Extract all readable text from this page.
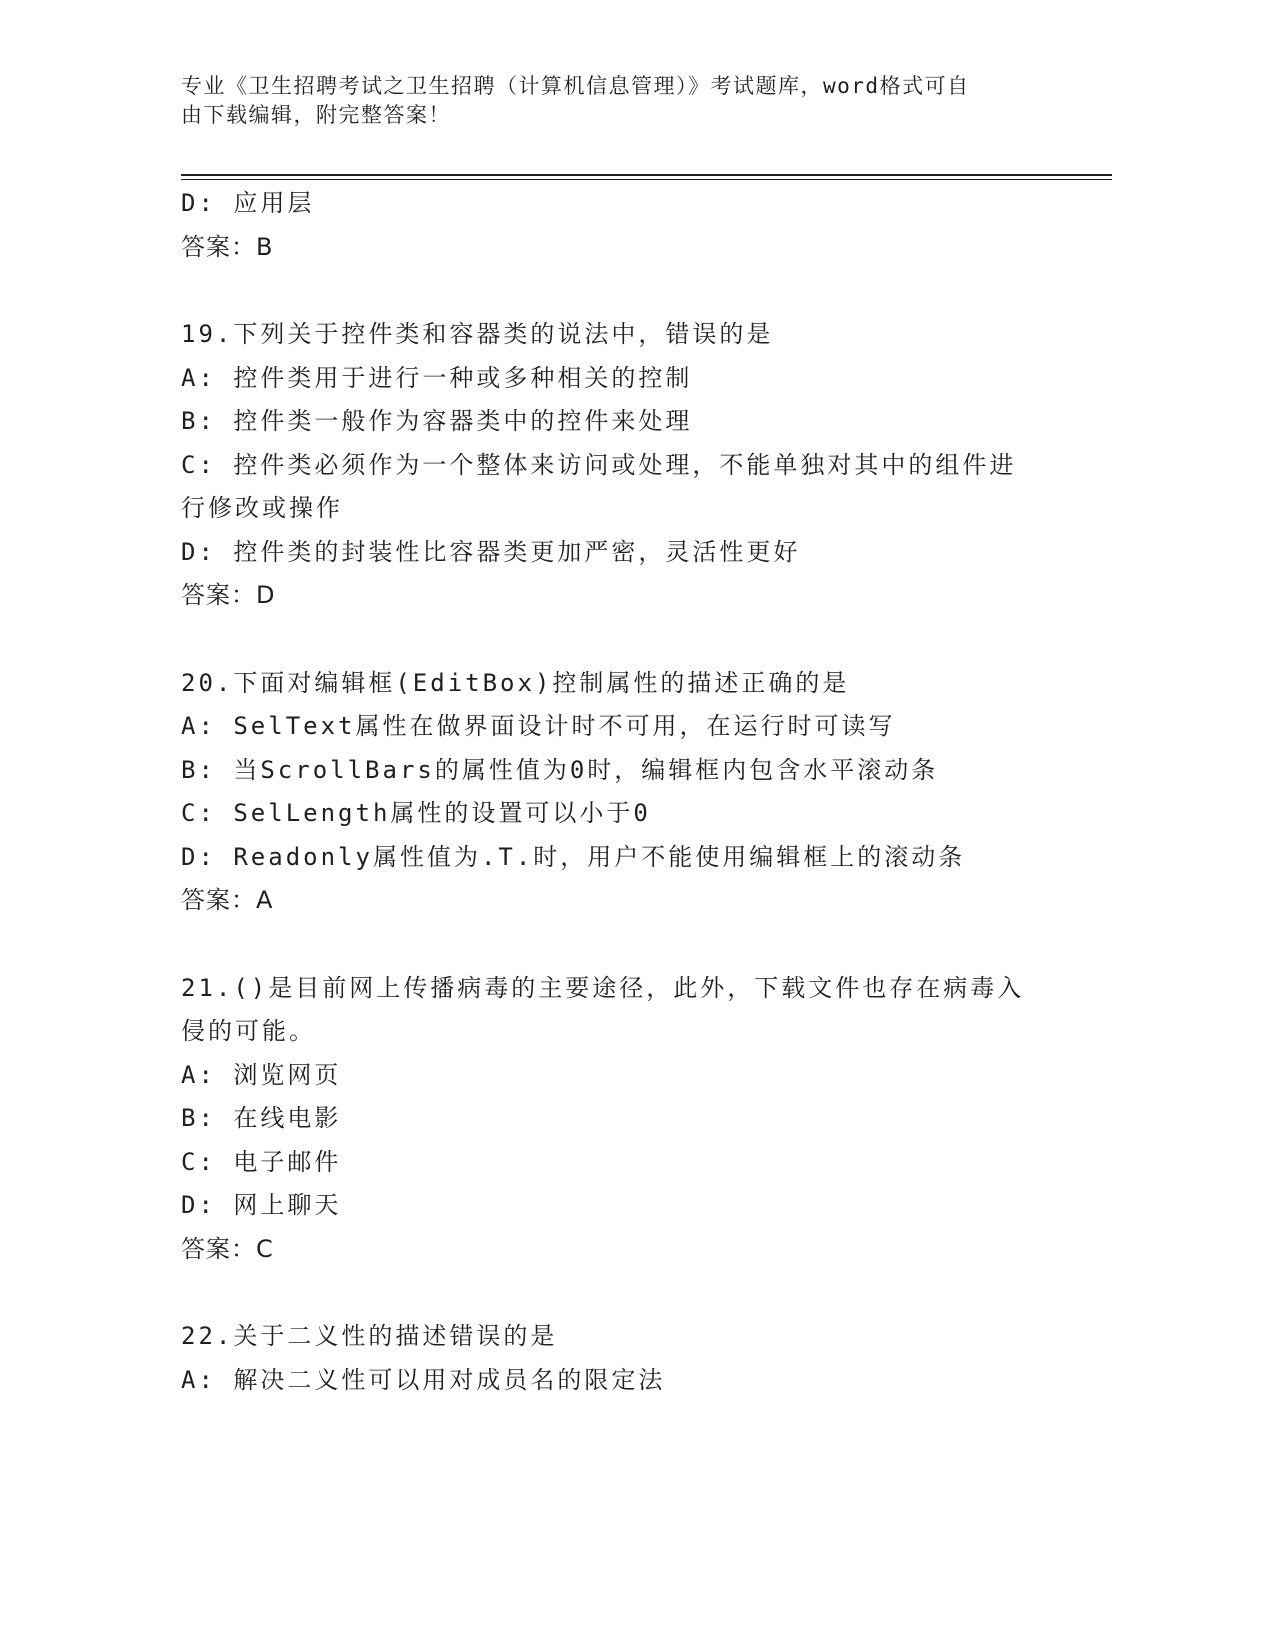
专业《卫生招聘考试之卫生招聘（计算机信息管理）》考试题库，word格式可自
由下载编辑，附完整答案！
D: 应用层
答案：B
19.下列关于控件类和容器类的说法中，错误的是
A: 控件类用于进行一种或多种相关的控制
B: 控件类一般作为容器类中的控件来处理
C: 控件类必须作为一个整体来访问或处理，不能单独对其中的组件进
行修改或操作
D: 控件类的封装性比容器类更加严密，灵活性更好
答案：D
20.下面对编辑框(EditBox)控制属性的描述正确的是
A: SelText属性在做界面设计时不可用，在运行时可读写
B: 当ScrollBars的属性值为0时，编辑框内包含水平滚动条
C: SelLength属性的设置可以小于0
D: Readonly属性值为.T.时，用户不能使用编辑框上的滚动条
答案：A
21.()是目前网上传播病毒的主要途径，此外，下载文件也存在病毒入
侵的可能。
A: 浏览网页
B: 在线电影
C: 电子邮件
D: 网上聊天
答案：C
22.关于二义性的描述错误的是
A: 解决二义性可以用对成员名的限定法
